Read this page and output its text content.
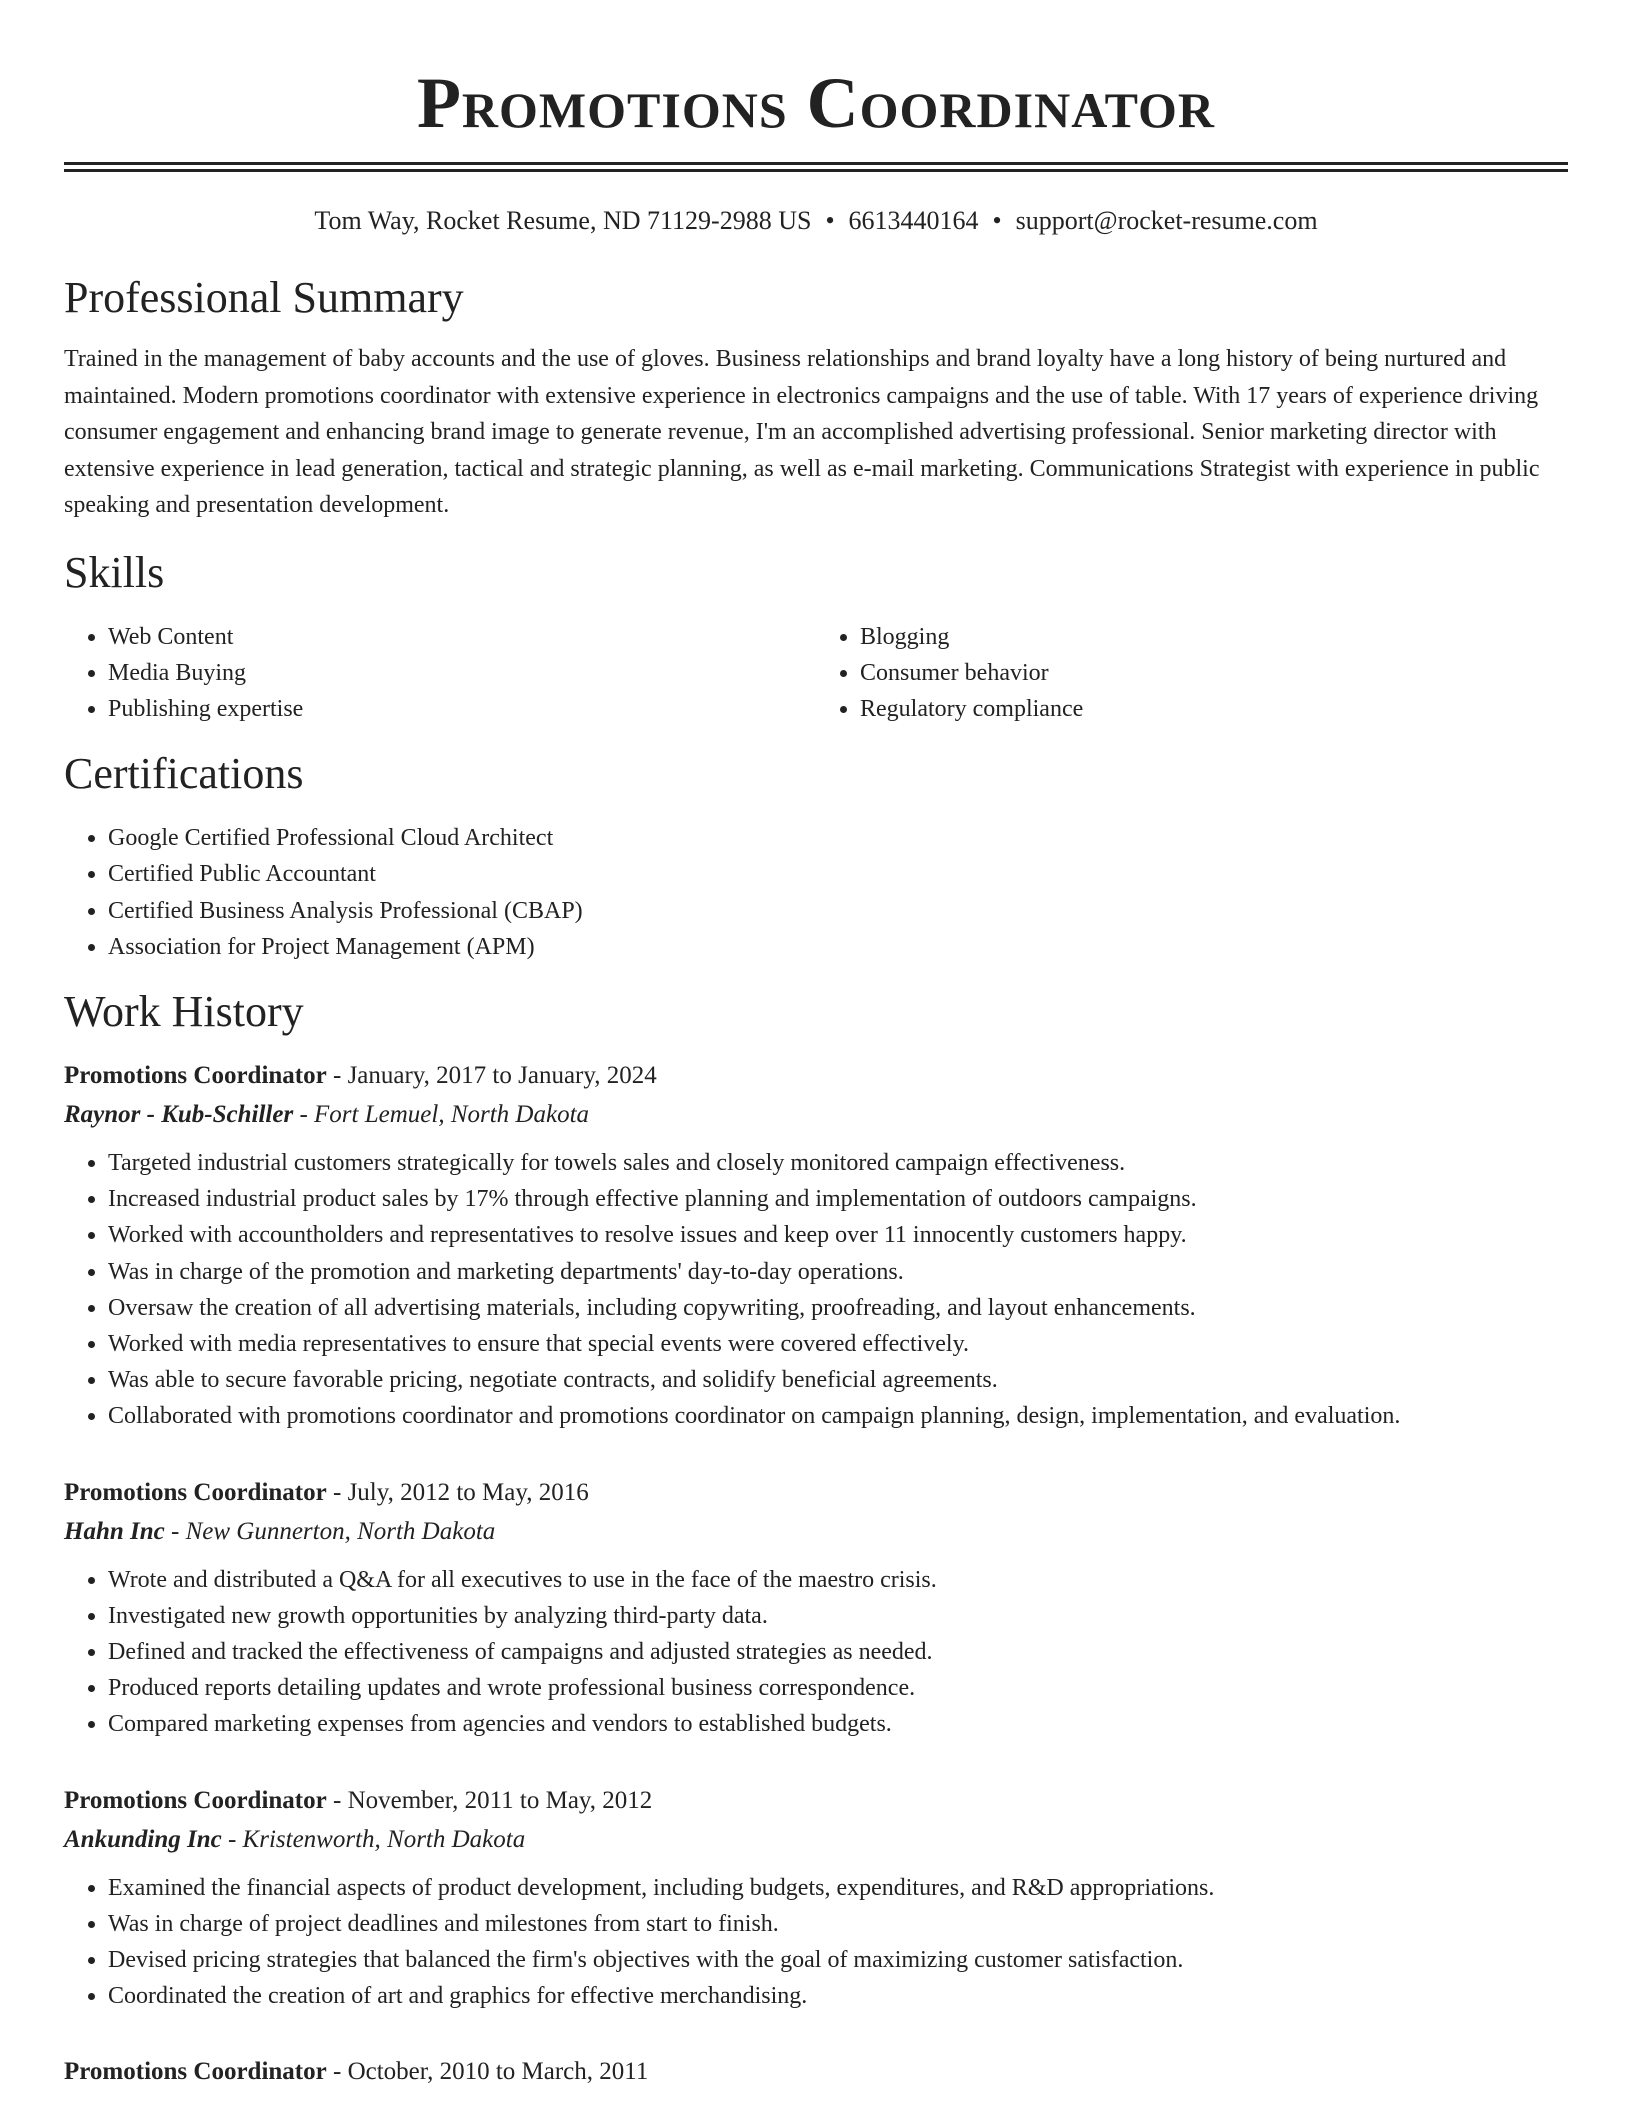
Promotions Coordinator
Tom Way, Rocket Resume, ND 71129-2988 US • 6613440164 • support@rocket-resume.com
Professional Summary

Trained in the management of baby accounts and the use of gloves. Business relationships and brand loyalty have a long history of being nurtured and maintained. Modern promotions coordinator with extensive experience in electronics campaigns and the use of table. With 17 years of experience driving consumer engagement and enhancing brand image to generate revenue, I'm an accomplished advertising professional. Senior marketing director with extensive experience in lead generation, tactical and strategic planning, as well as e-mail marketing. Communications Strategist with experience in public speaking and presentation development.

Skills
• Web Content
• Media Buying
• Publishing expertise
• Blogging
• Consumer behavior
• Regulatory compliance
Certifications
• Google Certified Professional Cloud Architect
• Certified Public Accountant
• Certified Business Analysis Professional (CBAP)
• Association for Project Management (APM)
Work History
Promotions Coordinator - January, 2017 to January, 2024
Raynor - Kub-Schiller - Fort Lemuel, North Dakota
• Targeted industrial customers strategically for towels sales and closely monitored campaign effectiveness.
• Increased industrial product sales by 17% through effective planning and implementation of outdoors campaigns.
• Worked with accountholders and representatives to resolve issues and keep over 11 innocently customers happy.
• Was in charge of the promotion and marketing departments' day-to-day operations.
• Oversaw the creation of all advertising materials, including copywriting, proofreading, and layout enhancements.
• Worked with media representatives to ensure that special events were covered effectively.
• Was able to secure favorable pricing, negotiate contracts, and solidify beneficial agreements.
• Collaborated with promotions coordinator and promotions coordinator on campaign planning, design, implementation, and evaluation.
Promotions Coordinator - July, 2012 to May, 2016
Hahn Inc - New Gunnerton, North Dakota
• Wrote and distributed a Q&A for all executives to use in the face of the maestro crisis.
• Investigated new growth opportunities by analyzing third-party data.
• Defined and tracked the effectiveness of campaigns and adjusted strategies as needed.
• Produced reports detailing updates and wrote professional business correspondence.
• Compared marketing expenses from agencies and vendors to established budgets.
Promotions Coordinator - November, 2011 to May, 2012
Ankunding Inc - Kristenworth, North Dakota
• Examined the financial aspects of product development, including budgets, expenditures, and R&D appropriations.
• Was in charge of project deadlines and milestones from start to finish.
• Devised pricing strategies that balanced the firm's objectives with the goal of maximizing customer satisfaction.
• Coordinated the creation of art and graphics for effective merchandising.
Promotions Coordinator - October, 2010 to March, 2011
